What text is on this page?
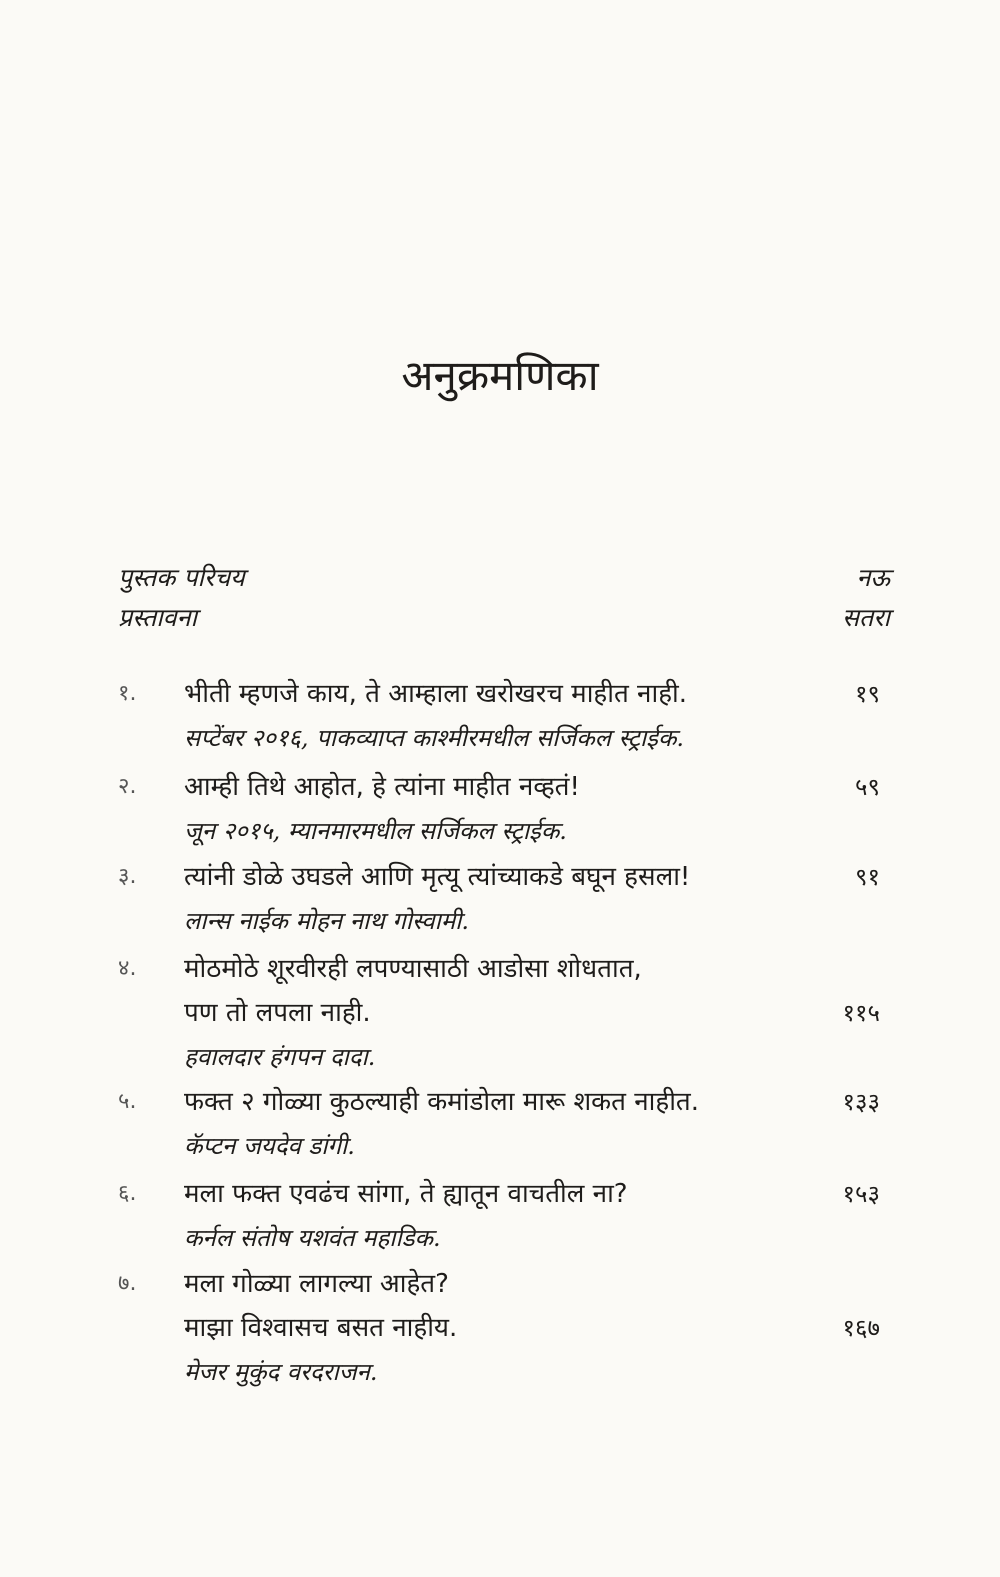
अनुक्रमणिका
पुस्तक परिचय	नऊ
प्रस्तावना	सतरा
१. भीती म्हणजे काय, ते आम्हाला खरोखरच माहीत नाही.
सप्टेंबर २०१६, पाकव्याप्त काश्मीरमधील सर्जिकल स्ट्राईक.
१९
२. आम्ही तिथे आहोत, हे त्यांना माहीत नव्हतं!
जून २०१५, म्यानमारमधील सर्जिकल स्ट्राईक.
५९
३. त्यांनी डोळे उघडले आणि मृत्यू त्यांच्याकडे बघून हसला!
लान्स नाईक मोहन नाथ गोस्वामी.
९१
४. मोठमोठे शूरवीरही लपण्यासाठी आडोसा शोधतात,
पण तो लपला नाही.
हवालदार हंगपन दादा.
११५
५. फक्त २ गोळ्या कुठल्याही कमांडोला मारू शकत नाहीत.
कॅप्टन जयदेव डांगी.
१३३
६. मला फक्त एवढंच सांगा, ते ह्यातून वाचतील ना?
कर्नल संतोष यशवंत महाडिक.
१५३
७. मला गोळ्या लागल्या आहेत?
माझा विश्वासच बसत नाहीय.
मेजर मुकुंद वरदराजन.
१६७
